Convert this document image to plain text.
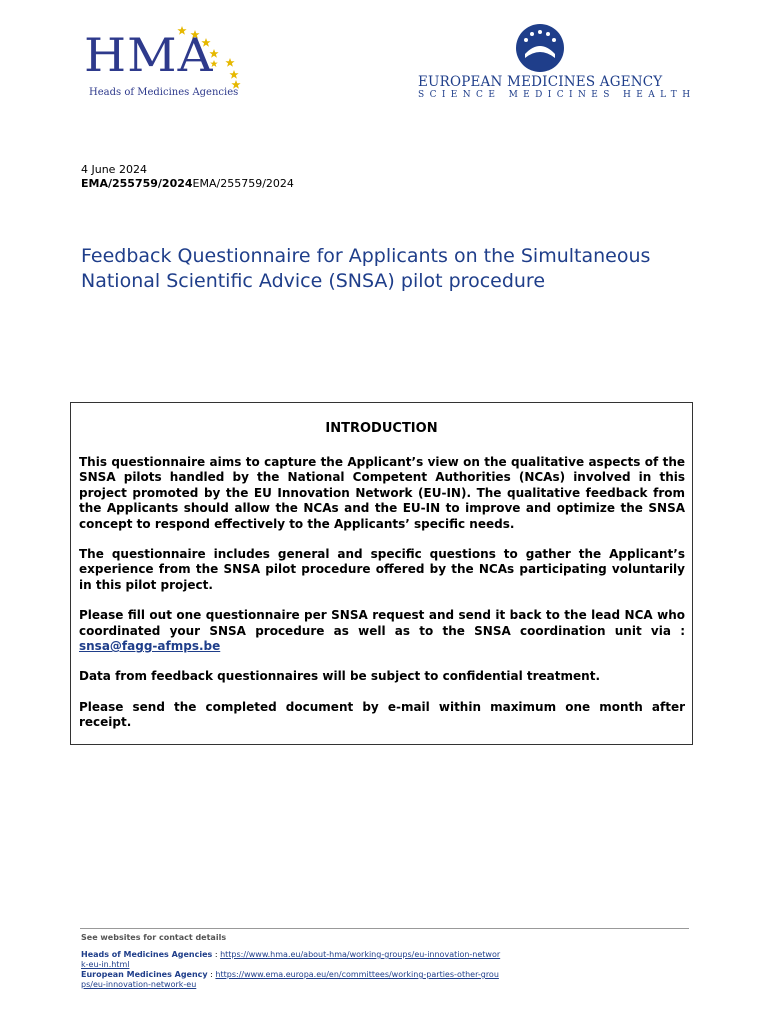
HMA
Heads of Medicines Agencies
EUROPEAN MEDICINES AGENCY
SCIENCE MEDICINES HEALTH
4 June 2024
EMA/255759/2024EMA/255759/2024
Feedback Questionnaire for Applicants on the Simultaneous National Scientific Advice (SNSA) pilot procedure
INTRODUCTION

This questionnaire aims to capture the Applicant’s view on the qualitative aspects of the SNSA pilots handled by the National Competent Authorities (NCAs) involved in this project promoted by the EU Innovation Network (EU-IN). The qualitative feedback from the Applicants should allow the NCAs and the EU-IN to improve and optimize the SNSA concept to respond effectively to the Applicants’ specific needs.

The questionnaire includes general and specific questions to gather the Applicant’s experience from the SNSA pilot procedure offered by the NCAs participating voluntarily in this pilot project.

Please fill out one questionnaire per SNSA request and send it back to the lead NCA who coordinated your SNSA procedure as well as to the SNSA coordination unit via : snsa@fagg-afmps.be

Data from feedback questionnaires will be subject to confidential treatment.

Please send the completed document by e-mail within maximum one month after receipt.

See websites for contact details
Heads of Medicines Agencies : https://www.hma.eu/about-hma/working-groups/eu-innovation-network-eu-in.html
European Medicines Agency : https://www.ema.europa.eu/en/committees/working-parties-other-groups/eu-innovation-network-eu
